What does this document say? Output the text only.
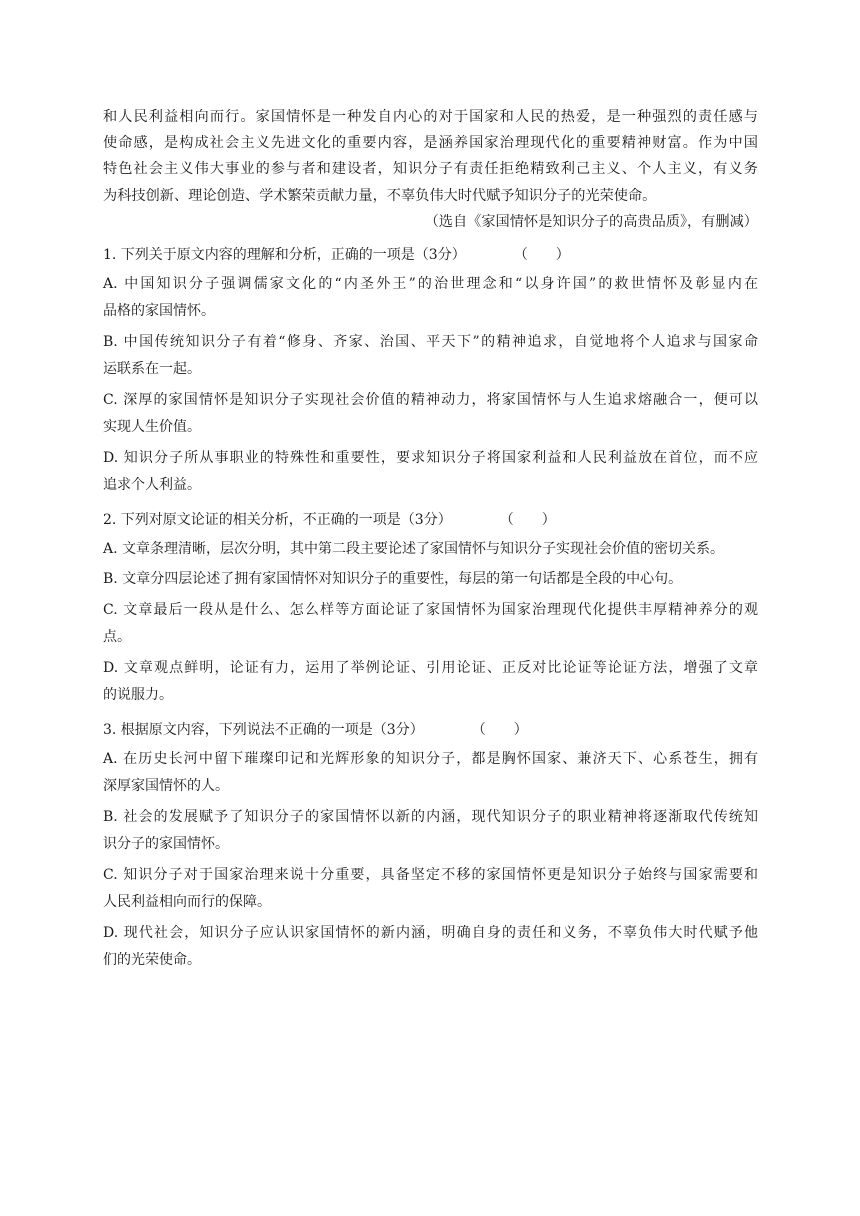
和人民利益相向而行。家国情怀是一种发自内心的对于国家和人民的热爱，是一种强烈的责任感与
使命感，是构成社会主义先进文化的重要内容，是涵养国家治理现代化的重要精神财富。作为中国
特色社会主义伟大事业的参与者和建设者，知识分子有责任拒绝精致利己主义、个人主义，有义务
为科技创新、理论创造、学术繁荣贡献力量，不辜负伟大时代赋予知识分子的光荣使命。

（选自《家国情怀是知识分子的高贵品质》，有删减）

1. 下列关于原文内容的理解和分析，正确的一项是（3分）	（　　）

A. 中国知识分子强调儒家文化的“内圣外王”的治世理念和“以身许国”的救世情怀及彰显内在
品格的家国情怀。
B. 中国传统知识分子有着“修身、齐家、治国、平天下”的精神追求，自觉地将个人追求与国家命
运联系在一起。
C. 深厚的家国情怀是知识分子实现社会价值的精神动力，将家国情怀与人生追求熔融合一，便可以
实现人生价值。
D. 知识分子所从事职业的特殊性和重要性，要求知识分子将国家利益和人民利益放在首位，而不应
追求个人利益。

2. 下列对原文论证的相关分析，不正确的一项是（3分）	（　　）

A. 文章条理清晰，层次分明，其中第二段主要论述了家国情怀与知识分子实现社会价值的密切关系。
B. 文章分四层论述了拥有家国情怀对知识分子的重要性，每层的第一句话都是全段的中心句。
C. 文章最后一段从是什么、怎么样等方面论证了家国情怀为国家治理现代化提供丰厚精神养分的观
点。
D. 文章观点鲜明，论证有力，运用了举例论证、引用论证、正反对比论证等论证方法，增强了文章
的说服力。

3. 根据原文内容，下列说法不正确的一项是（3分）	（　　）

A. 在历史长河中留下璀璨印记和光辉形象的知识分子，都是胸怀国家、兼济天下、心系苍生，拥有
深厚家国情怀的人。
B. 社会的发展赋予了知识分子的家国情怀以新的内涵，现代知识分子的职业精神将逐渐取代传统知
识分子的家国情怀。
C. 知识分子对于国家治理来说十分重要，具备坚定不移的家国情怀更是知识分子始终与国家需要和
人民利益相向而行的保障。
D. 现代社会，知识分子应认识家国情怀的新内涵，明确自身的责任和义务，不辜负伟大时代赋予他
们的光荣使命。
